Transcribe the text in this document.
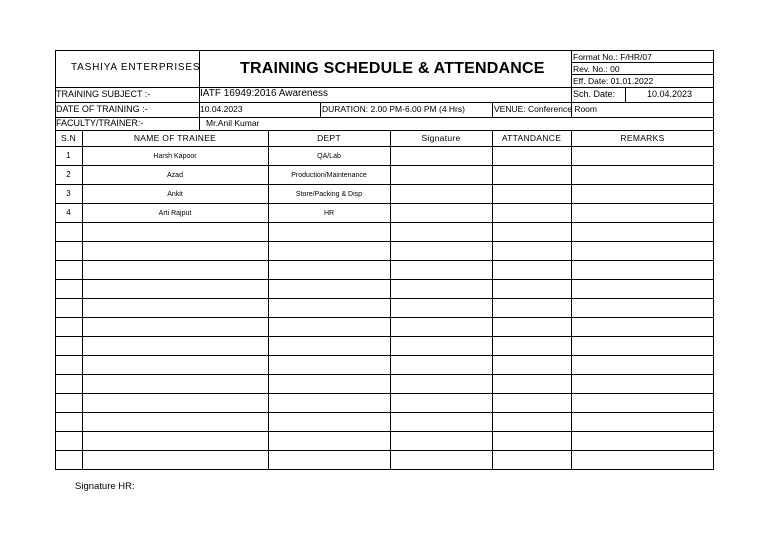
TASHIYA ENTERPRISES TRAINING SCHEDULE & ATTENDANCE
Format No.: F/HR/07
Rev. No.: 00
Eff. Date: 01.01.2022
Sch. Date:	10.04.2023
TRAINING SUBJECT :-	IATF 16949:2016 Awareness
DATE OF TRAINING :-	10.04.2023	DURATION: 2.00 PM-6.00 PM (4 Hrs)	VENUE: Conference Room
FACULTY/TRAINER:-	Mr.Anil Kumar
S.N	NAME OF TRAINEE	DEPT	Signature	ATTANDANCE	REMARKS
1	Harsh Kapoor	QA/Lab
2	Azad	Production/Maintenance
3	Ankit	Store/Packing & Disp
4	Arti Rajput	HR
Signature HR:
